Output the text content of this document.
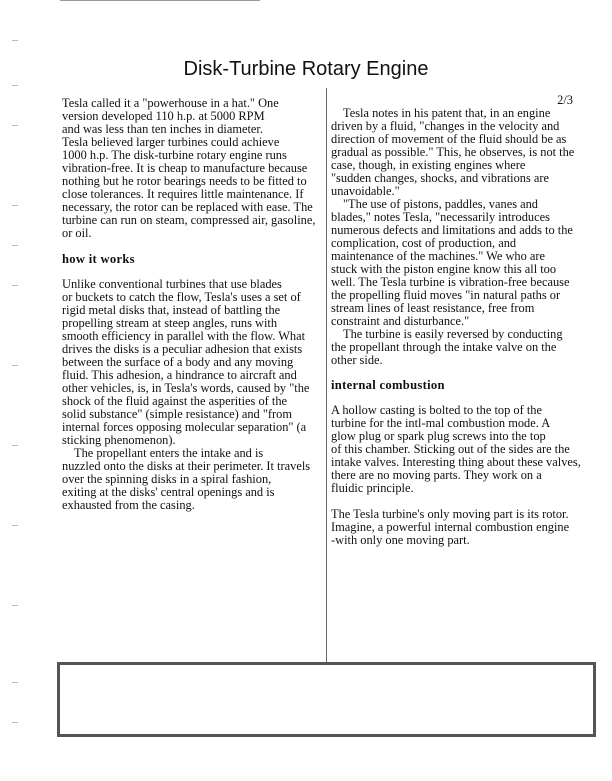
Disk-Turbine Rotary Engine
Tesla called it a "powerhouse in a hat." One
version developed 110 h.p. at 5000 RPM
and was less than ten inches in diameter.
Tesla believed larger turbines could achieve
1000 h.p. The disk-turbine rotary engine runs
vibration-free. It is cheap to manufacture because
nothing but he rotor bearings needs to be fitted to
close tolerances. It requires little maintenance. If
necessary, the rotor can be replaced with ease. The
turbine can run on steam, compressed air, gasoline,
or oil.
how it works
Unlike conventional turbines that use blades
or buckets to catch the flow, Tesla's uses a set of
rigid metal disks that, instead of battling the
propelling stream at steep angles, runs with
smooth efficiency in parallel with the flow. What
drives the disks is a peculiar adhesion that exists
between the surface of a body and any moving
fluid. This adhesion, a hindrance to aircraft and
other vehicles, is, in Tesla's words, caused by "the
shock of the fluid against the asperities of the
solid substance" (simple resistance) and "from
internal forces opposing molecular separation" (a
sticking phenomenon).
The propellant enters the intake and is
nuzzled onto the disks at their perimeter. It travels
over the spinning disks in a spiral fashion,
exiting at the disks' central openings and is
exhausted from the casing.
2/3
Tesla notes in his patent that, in an engine
driven by a fluid, "changes in the velocity and
direction of movement of the fluid should be as
gradual as possible." This, he observes, is not the
case, though, in existing engines where
"sudden changes, shocks, and vibrations are
unavoidable."
"The use of pistons, paddles, vanes and
blades," notes Tesla, "necessarily introduces
numerous defects and limitations and adds to the
complication, cost of production, and
maintenance of the machines." We who are
stuck with the piston engine know this all too
well. The Tesla turbine is vibration-free because
the propelling fluid moves "in natural paths or
stream lines of least resistance, free from
constraint and disturbance."
The turbine is easily reversed by conducting
the propellant through the intake valve on the
other side.
internal combustion
A hollow casting is bolted to the top of the
turbine for the intl-mal combustion mode. A
glow plug or spark plug screws into the top
of this chamber. Sticking out of the sides are the
intake valves. Interesting thing about these valves,
there are no moving parts. They work on a
fluidic principle.
The Tesla turbine's only moving part is its rotor.
Imagine, a powerful internal combustion engine
-with only one moving part.
